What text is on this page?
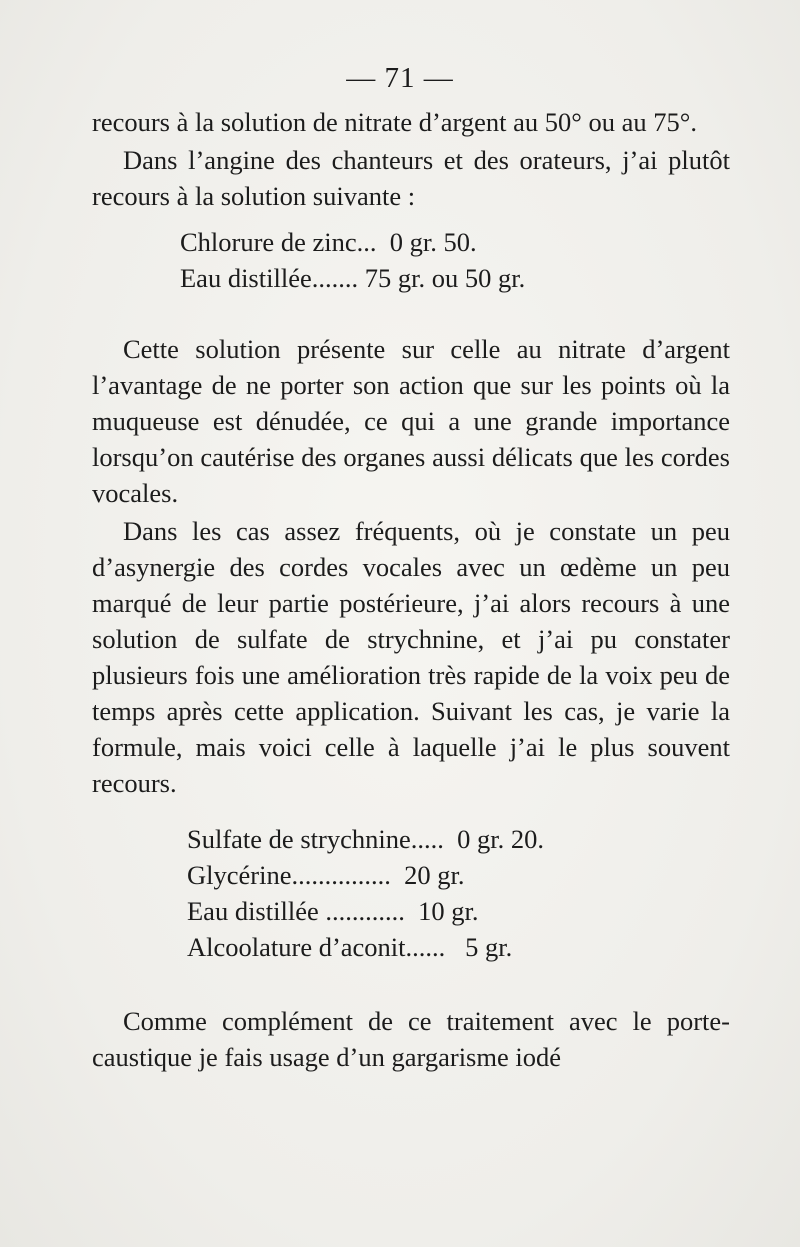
— 71 —

recours à la solution de nitrate d’argent au 50° ou au 75°.

Dans l’angine des chanteurs et des orateurs, j’ai plutôt recours à la solution suivante :

Chlorure de zinc...  0 gr. 50.
Eau distillée....... 75 gr. ou 50 gr.

Cette solution présente sur celle au nitrate d’argent l’avantage de ne porter son action que sur les points où la muqueuse est dénudée, ce qui a une grande importance lorsqu’on cautérise des organes aussi délicats que les cordes vocales.

Dans les cas assez fréquents, où je constate un peu d’asynergie des cordes vocales avec un œdème un peu marqué de leur partie postérieure, j’ai alors recours à une solution de sulfate de strychnine, et j’ai pu constater plusieurs fois une amélioration très rapide de la voix peu de temps après cette application. Suivant les cas, je varie la formule, mais voici celle à laquelle j’ai le plus souvent recours.

Sulfate de strychnine.....  0 gr. 20.
Glycérine...............  20 gr.
Eau distillée ............  10 gr.
Alcoolature d’aconit......   5 gr.

Comme complément de ce traitement avec le porte-caustique je fais usage d’un gargarisme iodé
